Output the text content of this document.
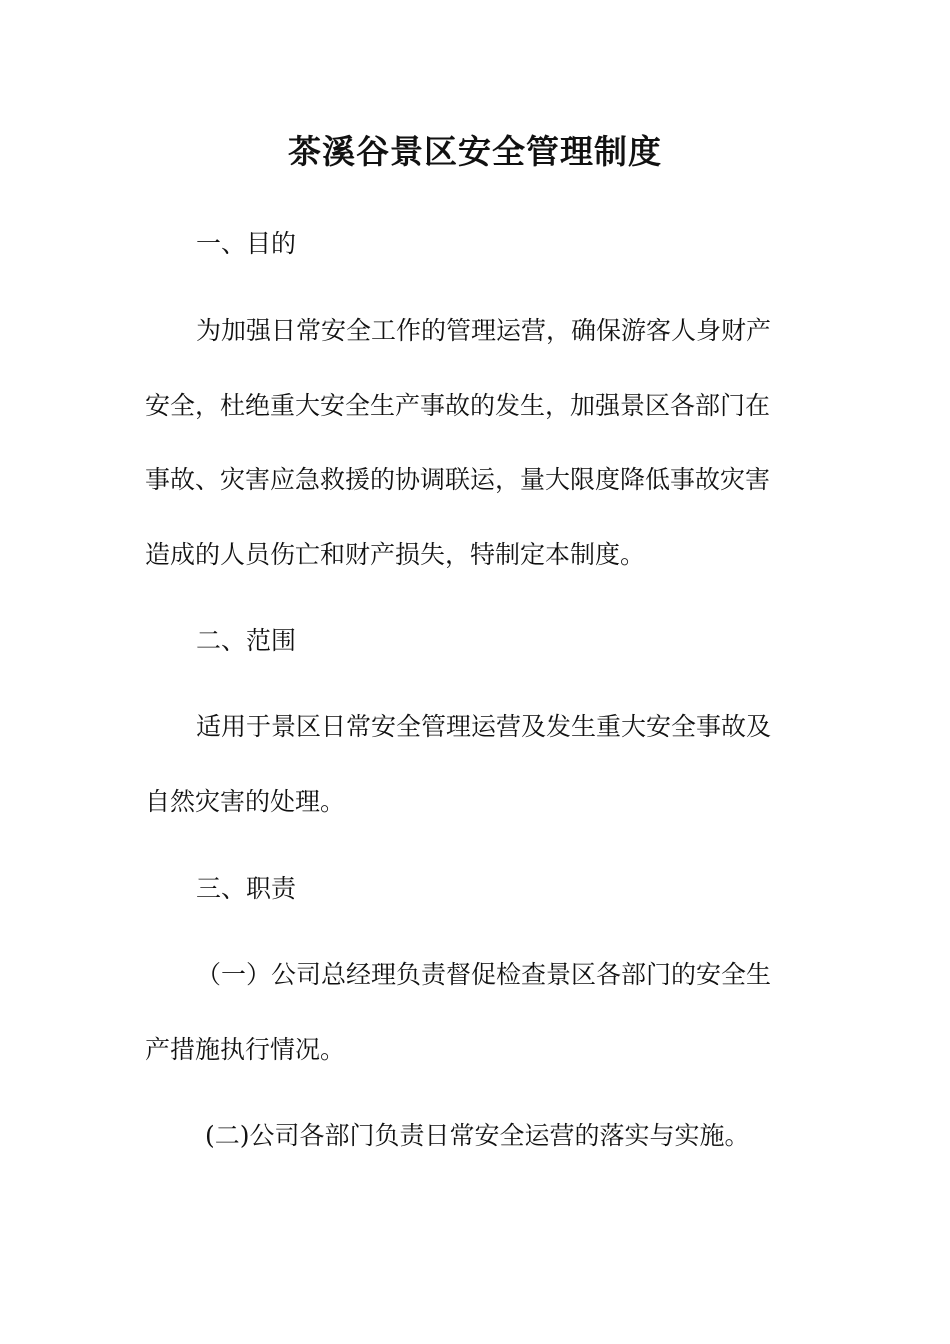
茶溪谷景区安全管理制度

一、目的

为加强日常安全工作的管理运营，确保游客人身财产

安全，杜绝重大安全生产事故的发生，加强景区各部门在

事故、灾害应急救援的协调联运，量大限度降低事故灾害

造成的人员伤亡和财产损失，特制定本制度。

二、范围

适用于景区日常安全管理运营及发生重大安全事故及

自然灾害的处理。

三、职责

（一）公司总经理负责督促检查景区各部门的安全生

产措施执行情况。

(二)公司各部门负责日常安全运营的落实与实施。
